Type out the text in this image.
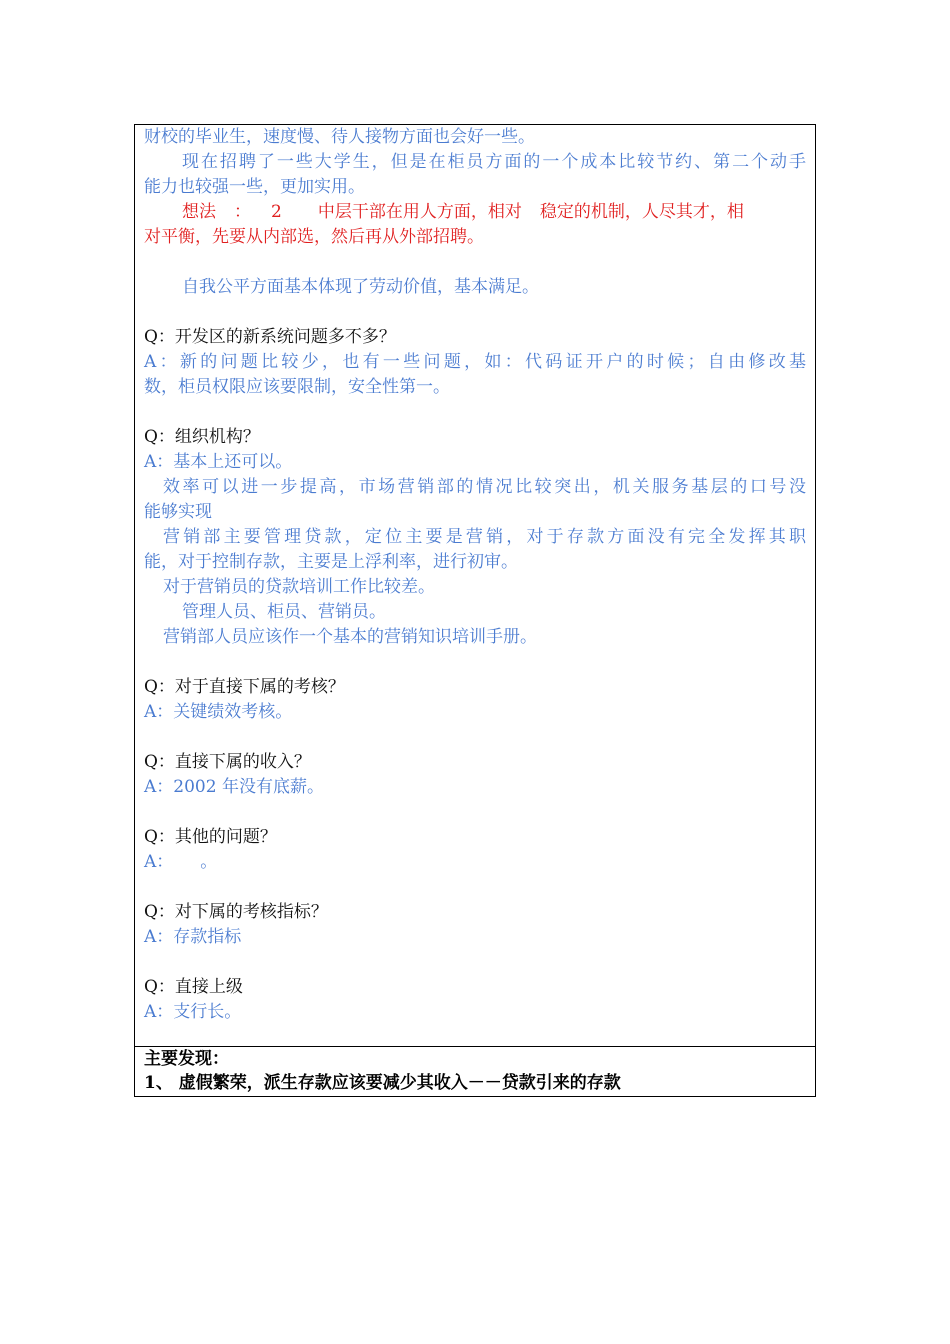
财校的毕业生，速度慢、待人接物方面也会好一些。
现在招聘了一些大学生，但是在柜员方面的一个成本比较节约、第二个动手
能力也较强一些，更加实用。
想法 ： 2 中层干部在用人方面，相对 稳定的机制，人尽其才，相
对平衡，先要从内部选，然后再从外部招聘。
自我公平方面基本体现了劳动价值，基本满足。
Q：开发区的新系统问题多不多？
A：新的问题比较少，也有一些问题，如：代码证开户的时候；自由修改基
数，柜员权限应该要限制，安全性第一。
Q：组织机构？
A：基本上还可以。
效率可以进一步提高，市场营销部的情况比较突出，机关服务基层的口号没
能够实现
营销部主要管理贷款，定位主要是营销，对于存款方面没有完全发挥其职
能，对于控制存款，主要是上浮利率，进行初审。
对于营销员的贷款培训工作比较差。
管理人员、柜员、营销员。
营销部人员应该作一个基本的营销知识培训手册。
Q：对于直接下属的考核？
A：关键绩效考核。
Q：直接下属的收入？
A：2002 年没有底薪。
Q：其他的问题？
A：     。
Q：对下属的考核指标？
A：存款指标
Q：直接上级
A：支行长。
主要发现：
1、 虚假繁荣，派生存款应该要减少其收入－－贷款引来的存款
